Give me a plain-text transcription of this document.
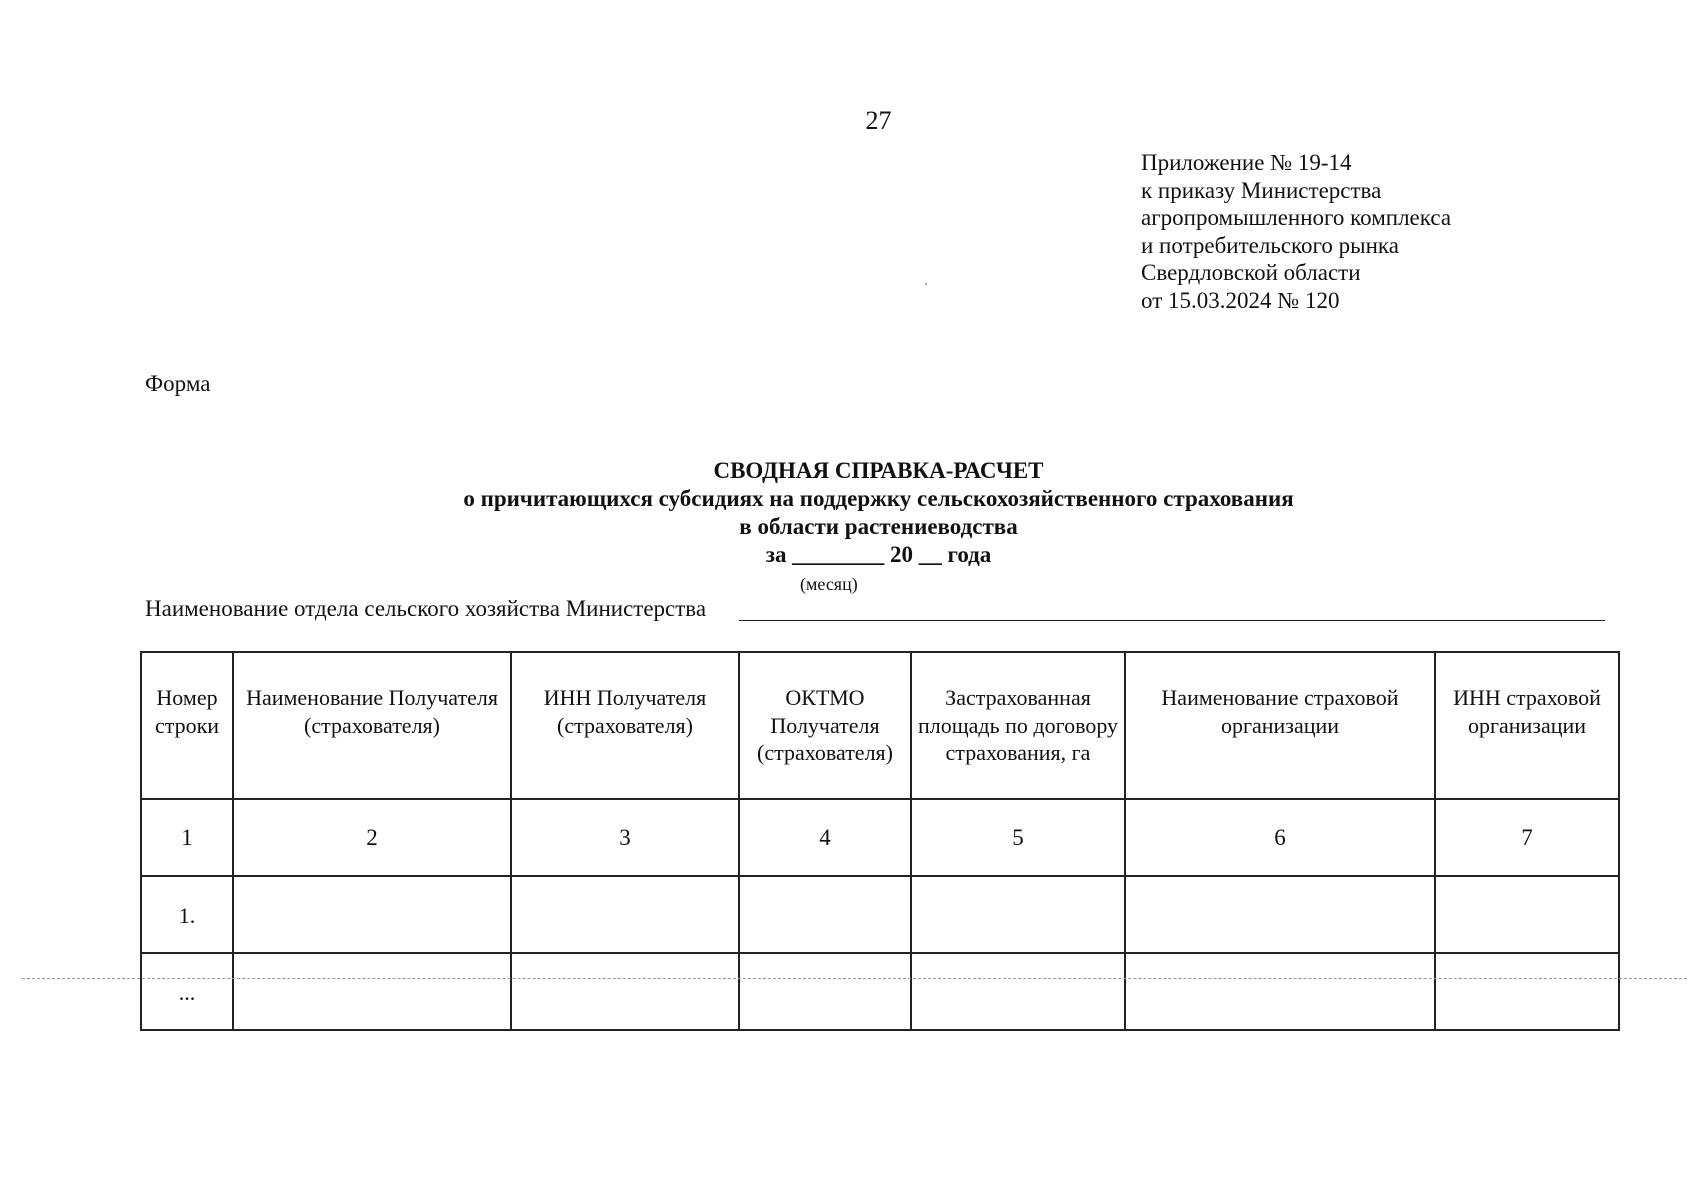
27
Приложение № 19-14
к приказу Министерства
агропромышленного комплекса
и потребительского рынка
Свердловской области
от 15.03.2024 № 120
Форма
СВОДНАЯ СПРАВКА-РАСЧЕТ
о причитающихся субсидиях на поддержку сельскохозяйственного страхования
в области растениеводства
за ________ 20 __ года
(месяц)
Наименование отдела сельского хозяйства Министерства
Номер строки	Наименование Получателя (страхователя)	ИНН Получателя (страхователя)	ОКТМО Получателя (страхователя)	Застрахованная площадь по договору страхования, га	Наименование страховой организации	ИНН страховой организации
1	2	3	4	5	6	7
1.						
...						
